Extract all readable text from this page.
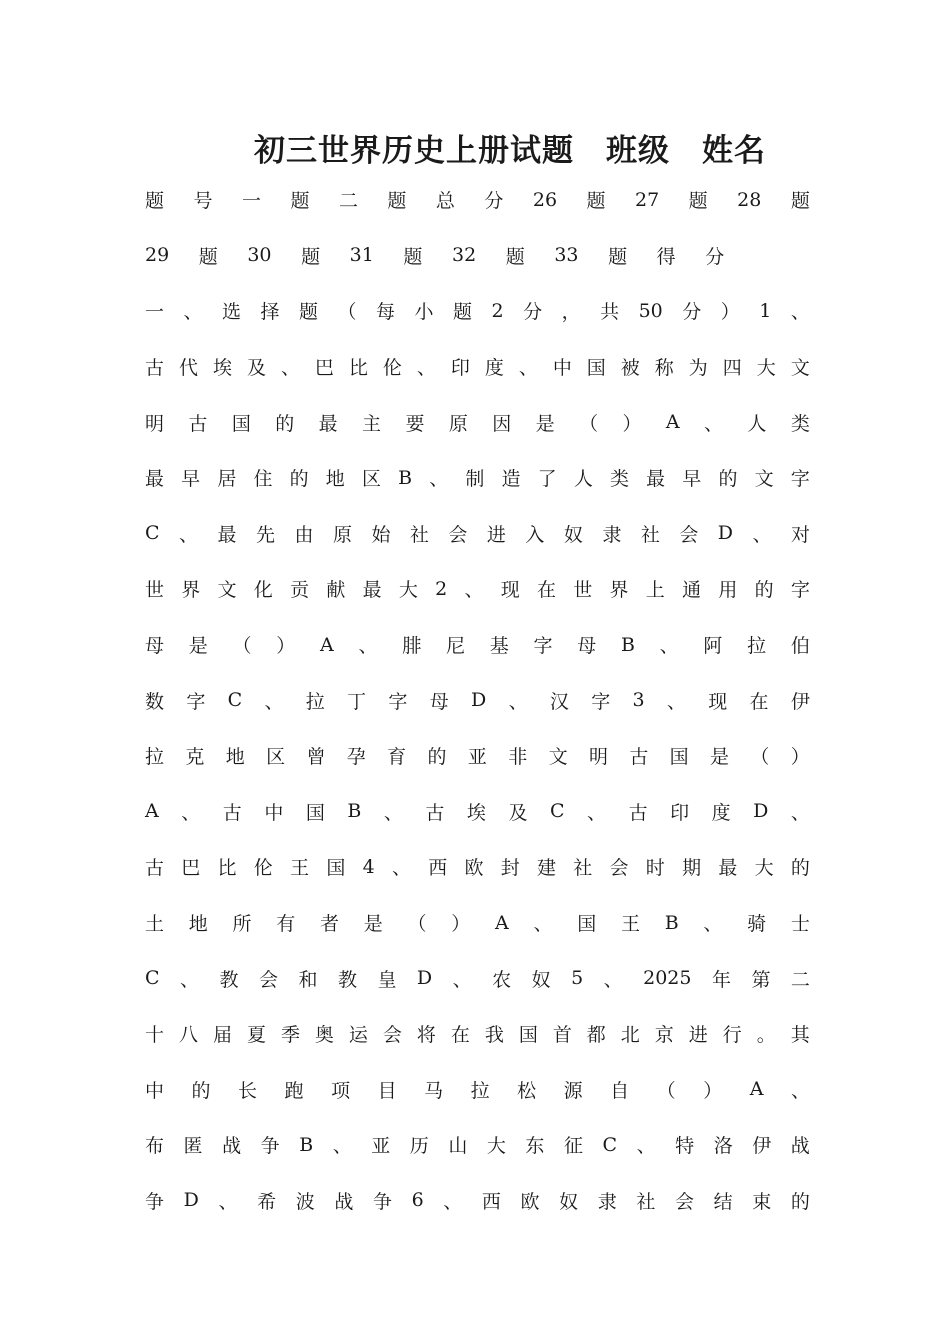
初三世界历史上册试题　班级　姓名
题 号 一 题 二 题 总 分 26 题 27 题 28 题
29 题 30 题 31 题 32 题 33 题 得 分
一 、 选 择 题 （ 每 小 题 2 分 ， 共 50 分 ） 1 、
古 代 埃 及 、 巴 比 伦 、 印 度 、 中 国 被 称 为 四 大 文
明 古 国 的 最 主 要 原 因 是 （ ） A 、 人 类
最 早 居 住 的 地 区 B 、 制 造 了 人 类 最 早 的 文 字
C 、 最 先 由 原 始 社 会 进 入 奴 隶 社 会 D 、 对
世 界 文 化 贡 献 最 大 2 、 现 在 世 界 上 通 用 的 字
母 是 （ ） A 、 腓 尼 基 字 母 B 、 阿 拉 伯
数 字 C 、 拉 丁 字 母 D 、 汉 字 3 、 现 在 伊
拉 克 地 区 曾 孕 育 的 亚 非 文 明 古 国 是 （ ）
A 、 古 中 国 B 、 古 埃 及 C 、 古 印 度 D 、
古 巴 比 伦 王 国 4 、 西 欧 封 建 社 会 时 期 最 大 的
土 地 所 有 者 是 （ ） A 、 国 王 B 、 骑 士
C 、 教 会 和 教 皇 D 、 农 奴 5 、 2025 年 第 二
十 八 届 夏 季 奥 运 会 将 在 我 国 首 都 北 京 进 行 。 其
中 的 长 跑 项 目 马 拉 松 源 自 （ ） A 、
布 匿 战 争 B 、 亚 历 山 大 东 征 C 、 特 洛 伊 战
争 D 、 希 波 战 争 6 、 西 欧 奴 隶 社 会 结 束 的
